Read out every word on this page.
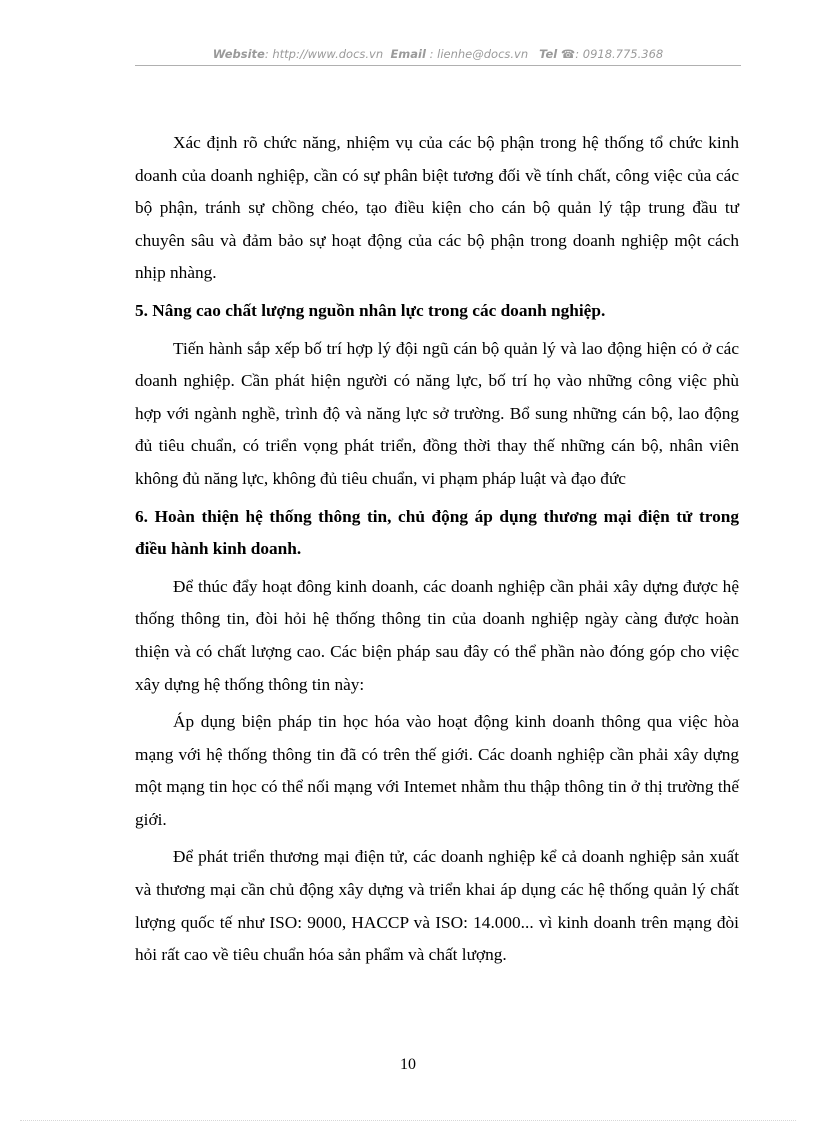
Website: http://www.docs.vn Email : lienhe@docs.vn Tel ☎: 0918.775.368

Xác định rõ chức năng, nhiệm vụ của các bộ phận trong hệ thống tổ chức kinh doanh của doanh nghiệp, cần có sự phân biệt tương đối về tính chất, công việc của các bộ phận, tránh sự chồng chéo, tạo điều kiện cho cán bộ quản lý tập trung đầu tư chuyên sâu và đảm bảo sự hoạt động của các bộ phận trong doanh nghiệp một cách nhịp nhàng.

5. Nâng cao chất lượng nguồn nhân lực trong các doanh nghiệp.

Tiến hành sắp xếp bố trí hợp lý đội ngũ cán bộ quản lý và lao động hiện có ở các doanh nghiệp. Cần phát hiện người có năng lực, bố trí họ vào những công việc phù hợp với ngành nghề, trình độ và năng lực sở trường. Bổ sung những cán bộ, lao động đủ tiêu chuẩn, có triển vọng phát triển, đồng thời thay thế những cán bộ, nhân viên không đủ năng lực, không đủ tiêu chuẩn, vi phạm pháp luật và đạo đức

6. Hoàn thiện hệ thống thông tin, chủ động áp dụng thương mại điện tử trong điều hành kinh doanh.

Để thúc đẩy hoạt đông kinh doanh, các doanh nghiệp cần phải xây dựng được hệ thống thông tin, đòi hỏi hệ thống thông tin của doanh nghiệp ngày càng được hoàn thiện và có chất lượng cao. Các biện pháp sau đây có thể phần nào đóng góp cho việc xây dựng hệ thống thông tin này:

Áp dụng biện pháp tin học hóa vào hoạt động kinh doanh thông qua việc hòa mạng với hệ thống thông tin đã có trên thế giới. Các doanh nghiệp cần phải xây dựng một mạng tin học có thể nối mạng với Intemet nhằm thu thập thông tin ở thị trường thế giới.

Để phát triển thương mại điện tử, các doanh nghiệp kể cả doanh nghiệp sản xuất và thương mại cần chủ động xây dựng và triển khai áp dụng các hệ thống quản lý chất lượng quốc tế như ISO: 9000, HACCP và ISO: 14.000... vì kinh doanh trên mạng đòi hỏi rất cao về tiêu chuẩn hóa sản phẩm và chất lượng.

10
